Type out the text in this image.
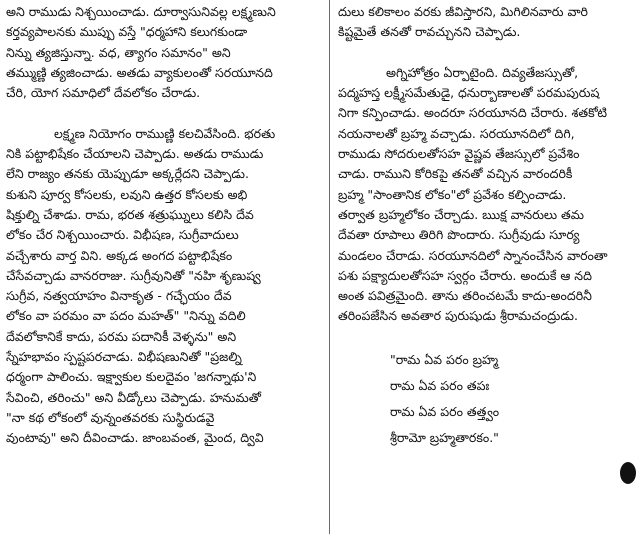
అని రాముడు నిశ్చయించాడు. దూర్వాసునివల్ల లక్ష్మణుని
కర్తవ్యపాలనకు ముప్పు వస్తే "ధర్మహాని కలుగకుండా
నిన్ను త్యజిస్తున్నా. వధ, త్యాగం సమానం" అని
తమ్ముణ్ణి త్యజించాడు. అతడు వ్యాకులంతో సరయూనది
చేరి, యోగ సమాధిలో దేవలోకం చేరాడు.
లక్ష్మణ నియోగం రాముణ్ణి కలచివేసింది. భరతు
నికి పట్టాభిషేకం చేయాలని చెప్పాడు. అతడు రాముడు
లేని రాజ్యం తనకు యెప్పుడూ అక్కర్లేదని చెప్పాడు.
కుశుని పూర్వ కోసలకు, లవుని ఉత్తర కోసలకు అభి
షిక్తుల్ని చేశాడు. రామ, భరత శత్రుఘ్నులు కలిసి దేవ
లోకం చేర నిశ్చయించారు. విభీషణ, సుగ్రీవాదులు
వచ్చేశారు వార్త విని. అక్కడ అంగద పట్టాభిషేకం
చేసేవచ్చాడు వానరరాజు. సుగ్రీవునితో "నహి శృణుష్వ
సుగ్రీవ, నత్వయాహం వినాకృత - గచ్ఛేయం దేవ
లోకం వా పరమం వా పదం మహత్" "నిన్ను వదిలి
దేవలోకానికే కాదు, పరమ పదానికీ వెళ్ళను" అని
స్నేహభావం స్పష్టపరచాడు. విభీషణునితో "ప్రజల్ని
ధర్మంగా పాలించు. ఇక్ష్వాకుల కులదైవం 'జగన్నాథు'ని
సేవించి, తరించు" అని వీడ్కోలు చెప్పాడు. హనుమతో
"నా కథ లోకంలో వున్నంతవరకు సుస్థిరుడవై
వుంటావు" అని దీవించాడు. జాంబవంత, మైంద, ద్వివి
దులు కలికాలం వరకు జీవిస్తారని, మిగిలినవారు వారి
కిష్టమైతే తనతో రావచ్చునని చెప్పాడు.
అగ్నిహోత్రం ఏర్పాటైంది. దివ్యతేజస్సుతో,
పద్మహస్త లక్ష్మీసమేతుడై, ధనుర్బాణాలతో పరమపురుష
నిగా కన్పించాడు. అందరూ సరయూనది చేరారు. శతకోటి
నయనాలతో బ్రహ్మ వచ్చాడు. సరయూనదిలో దిగి,
రాముడు సోదరులతోసహ వైష్ణవ తేజస్సులో ప్రవేశిం
చాడు. రాముని కోరికపై తనతో వచ్చిన వారందరికీ
బ్రహ్మ "సాంతానిక లోకం"లో ప్రవేశం కల్పించాడు.
తర్వాత బ్రహ్మలోకం చేర్చాడు. ఋక్ష వానరులు తమ
దేవతా రూపాలు తిరిగి పొందారు. సుగ్రీవుడు సూర్య
మండలం చేరాడు. సరయూనదిలో స్నానంచేసిన వారంతా
పశు పక్ష్యాదులతోసహ స్వర్గం చేరారు. అందుకే ఆ నది
అంత పవిత్రమైంది. తాను తరించటమే కాదు-అందరినీ
తరింపజేసిన అవతార పురుషుడు శ్రీరామచంద్రుడు.
"రామ ఏవ పరం బ్రహ్మ
రామ ఏవ పరం తపః
రామ ఏవ పరం తత్త్వం
శ్రీరామో బ్రహ్మతారకం."
